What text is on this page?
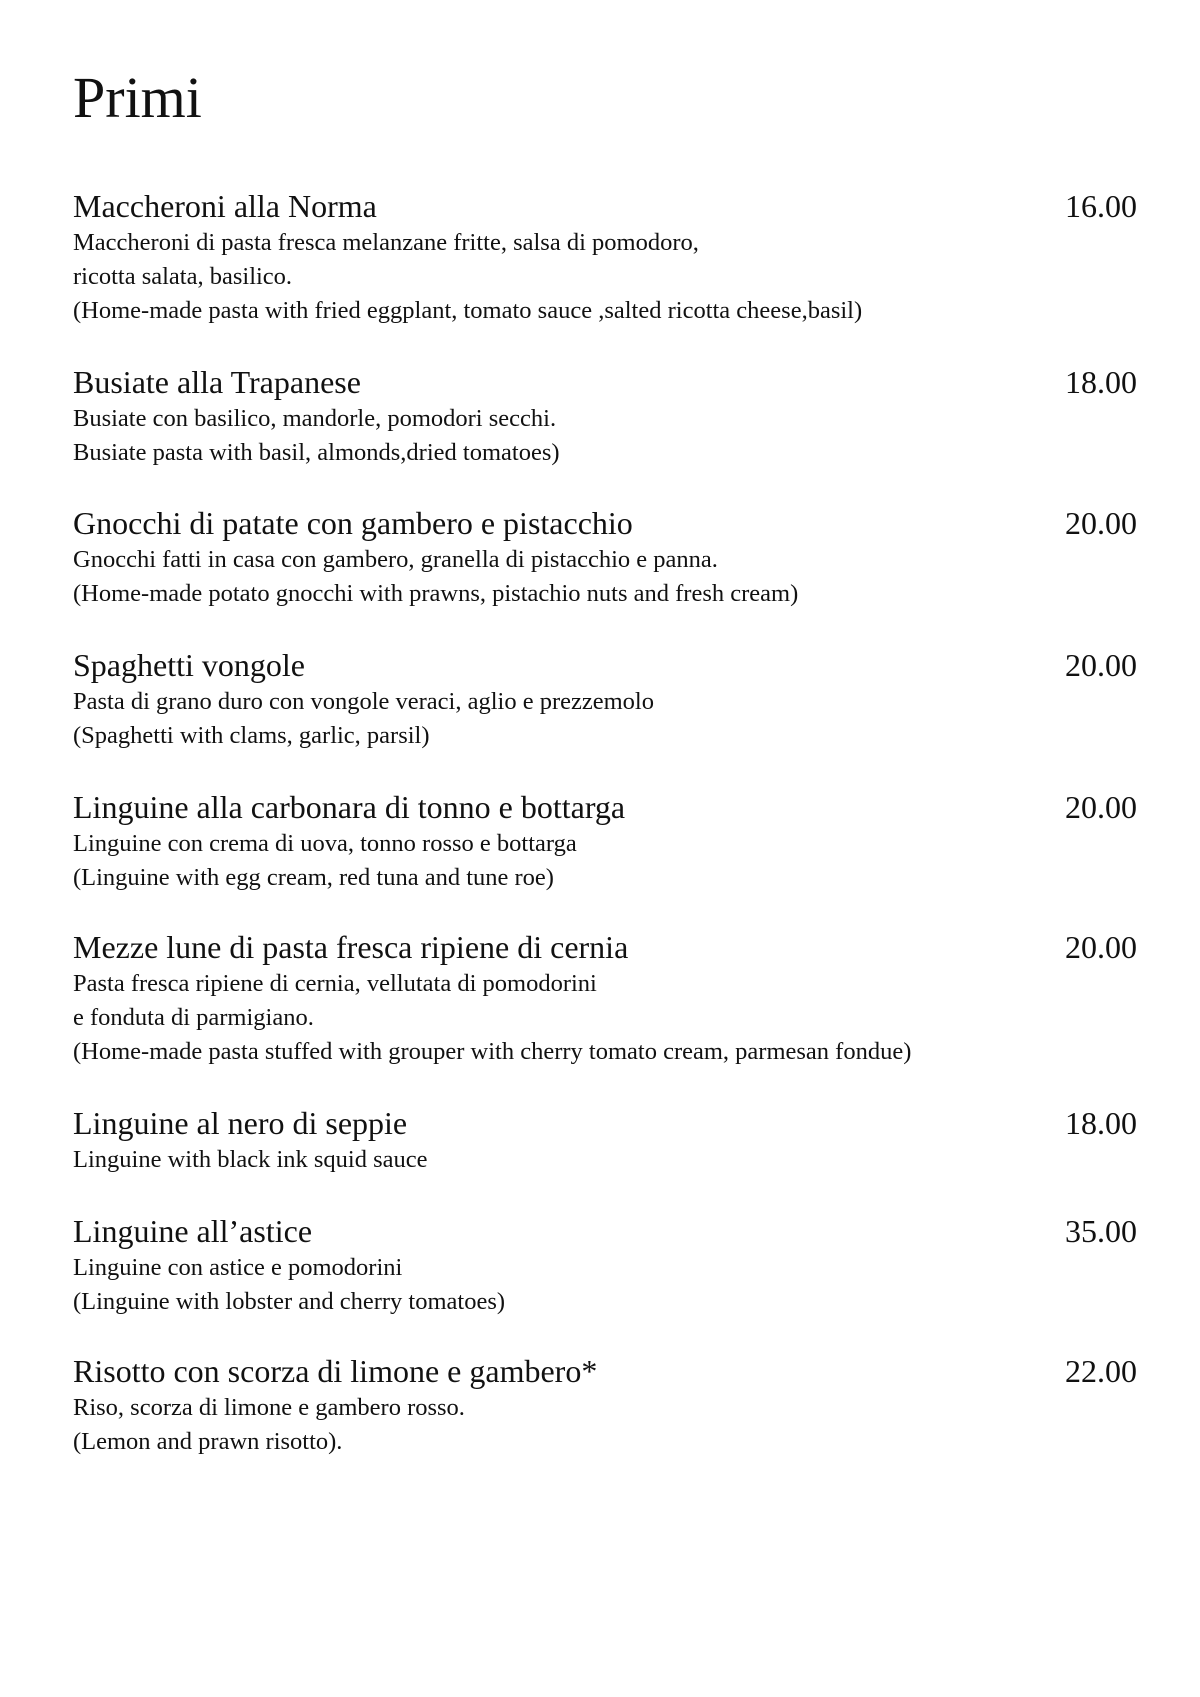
Primi
Maccheroni alla Norma	16.00
Maccheroni di pasta fresca melanzane fritte, salsa di pomodoro,
ricotta salata, basilico.
(Home-made pasta with fried eggplant, tomato sauce ,salted ricotta cheese,basil)
Busiate alla Trapanese	18.00
Busiate con basilico, mandorle, pomodori secchi.
Busiate pasta with basil, almonds,dried tomatoes)
Gnocchi di patate con gambero e pistacchio	20.00
Gnocchi fatti in casa con gambero, granella di pistacchio e panna.
(Home-made potato gnocchi with prawns, pistachio nuts and fresh cream)
Spaghetti vongole	20.00
Pasta di grano duro con vongole veraci, aglio e prezzemolo
(Spaghetti with clams, garlic, parsil)
Linguine alla carbonara di tonno e bottarga	20.00
Linguine con crema di uova, tonno rosso e bottarga
(Linguine with egg cream, red tuna and tune roe)
Mezze lune di pasta fresca ripiene di cernia	20.00
Pasta fresca ripiene di cernia, vellutata di pomodorini
e fonduta di parmigiano.
(Home-made pasta stuffed with grouper with cherry tomato cream, parmesan fondue)
Linguine al nero di seppie	18.00
Linguine with black ink squid sauce
Linguine all’astice	35.00
Linguine con astice e pomodorini
(Linguine with lobster and cherry tomatoes)
Risotto con scorza di limone e gambero*	22.00
Riso, scorza di limone e gambero rosso.
(Lemon and prawn risotto).
